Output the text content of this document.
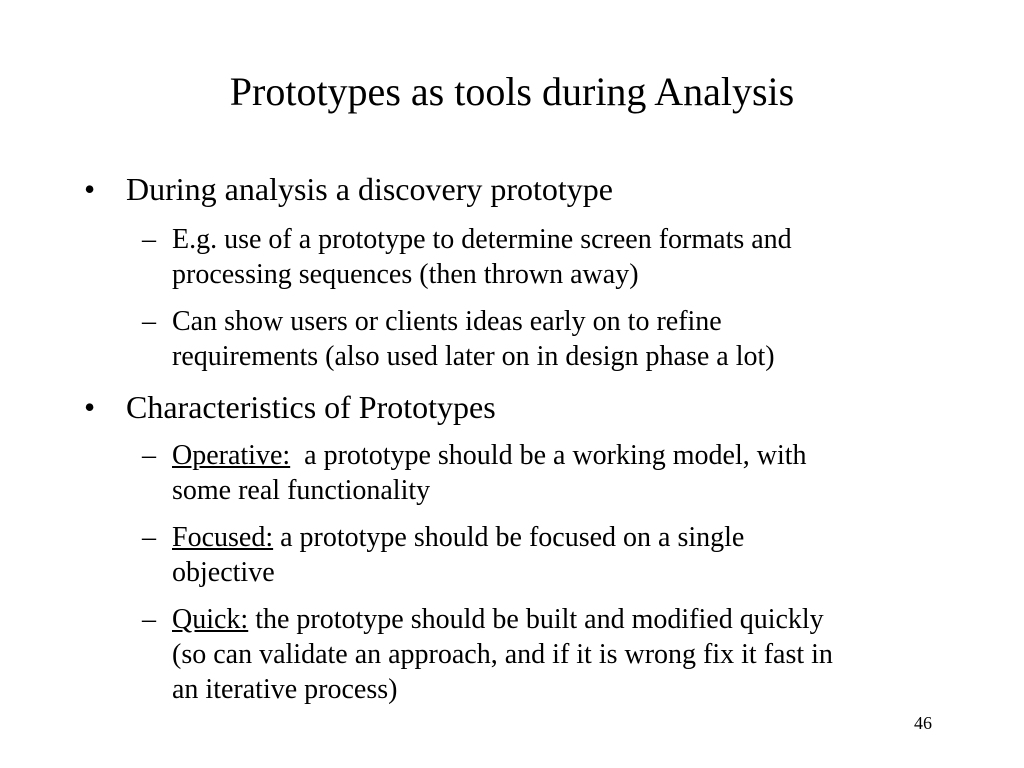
Prototypes as tools during Analysis
• During analysis a discovery prototype
– E.g. use of a prototype to determine screen formats and
processing sequences (then thrown away)
– Can show users or clients ideas early on to refine
requirements (also used later on in design phase a lot)
• Characteristics of Prototypes
– Operative:  a prototype should be a working model, with
some real functionality
– Focused: a prototype should be focused on a single
objective
– Quick: the prototype should be built and modified quickly
(so can validate an approach, and if it is wrong fix it fast in
an iterative process)
46
